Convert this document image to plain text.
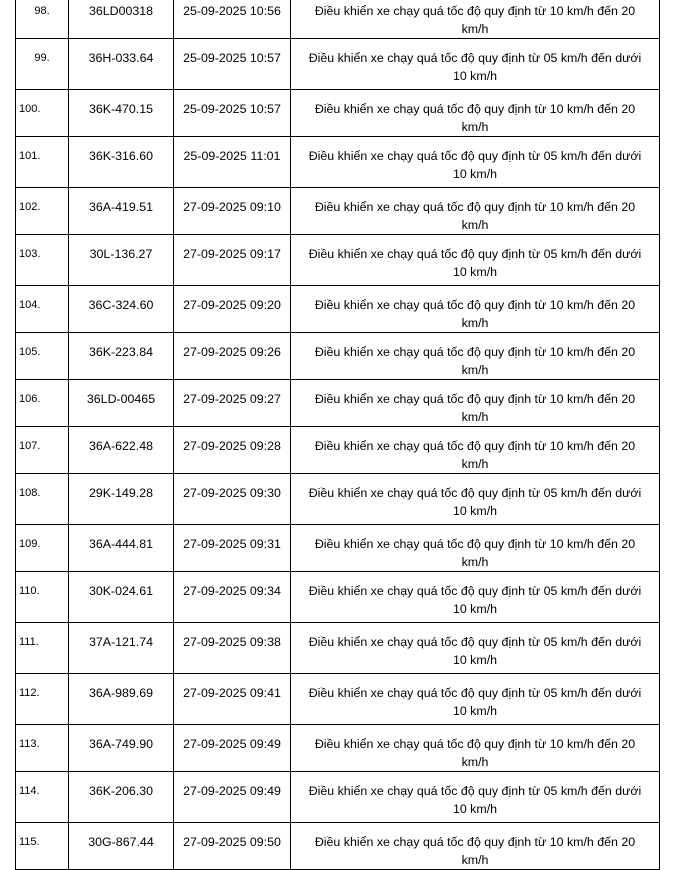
98.	36LD00318	25-09-2025 10:56	Điều khiển xe chạy quá tốc độ quy định từ 10 km/h đến 20 km/h

99.	36H-033.64	25-09-2025 10:57	Điều khiển xe chạy quá tốc độ quy định từ 05 km/h đến dưới 10 km/h

100.	36K-470.15	25-09-2025 10:57	Điều khiển xe chạy quá tốc độ quy định từ 10 km/h đến 20 km/h

101.	36K-316.60	25-09-2025 11:01	Điều khiển xe chạy quá tốc độ quy định từ 05 km/h đến dưới 10 km/h

102.	36A-419.51	27-09-2025 09:10	Điều khiển xe chạy quá tốc độ quy định từ 10 km/h đến 20 km/h

103.	30L-136.27	27-09-2025 09:17	Điều khiển xe chạy quá tốc độ quy định từ 05 km/h đến dưới 10 km/h

104.	36C-324.60	27-09-2025 09:20	Điều khiển xe chạy quá tốc độ quy định từ 10 km/h đến 20 km/h

105.	36K-223.84	27-09-2025 09:26	Điều khiển xe chạy quá tốc độ quy định từ 10 km/h đến 20 km/h

106.	36LD-00465	27-09-2025 09:27	Điều khiển xe chạy quá tốc độ quy định từ 10 km/h đến 20 km/h

107.	36A-622.48	27-09-2025 09:28	Điều khiển xe chạy quá tốc độ quy định từ 10 km/h đến 20 km/h

108.	29K-149.28	27-09-2025 09:30	Điều khiển xe chạy quá tốc độ quy định từ 05 km/h đến dưới 10 km/h

109.	36A-444.81	27-09-2025 09:31	Điều khiển xe chạy quá tốc độ quy định từ 10 km/h đến 20 km/h

110.	30K-024.61	27-09-2025 09:34	Điều khiển xe chạy quá tốc độ quy định từ 05 km/h đến dưới 10 km/h

111.	37A-121.74	27-09-2025 09:38	Điều khiển xe chạy quá tốc độ quy định từ 05 km/h đến dưới 10 km/h

112.	36A-989.69	27-09-2025 09:41	Điều khiển xe chạy quá tốc độ quy định từ 05 km/h đến dưới 10 km/h

113.	36A-749.90	27-09-2025 09:49	Điều khiển xe chạy quá tốc độ quy định từ 10 km/h đến 20 km/h

114.	36K-206.30	27-09-2025 09:49	Điều khiển xe chạy quá tốc độ quy định từ 05 km/h đến dưới 10 km/h

115.	30G-867.44	27-09-2025 09:50	Điều khiển xe chạy quá tốc độ quy định từ 10 km/h đến 20 km/h
